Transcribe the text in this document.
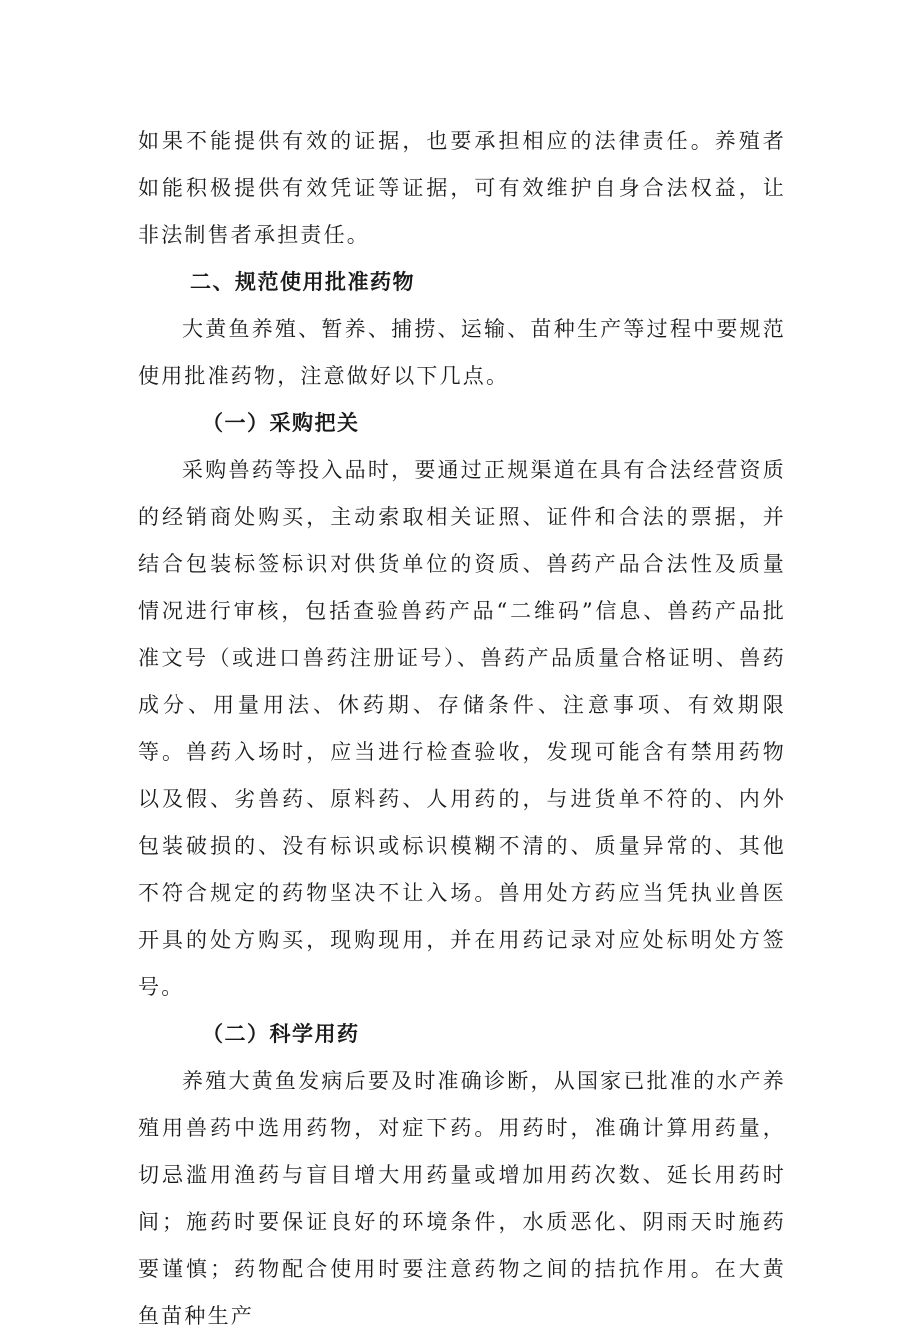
如果不能提供有效的证据，也要承担相应的法律责任。养殖者如能积极提供有效凭证等证据，可有效维护自身合法权益，让非法制售者承担责任。

二、规范使用批准药物

大黄鱼养殖、暂养、捕捞、运输、苗种生产等过程中要规范使用批准药物，注意做好以下几点。

（一）采购把关

采购兽药等投入品时，要通过正规渠道在具有合法经营资质的经销商处购买，主动索取相关证照、证件和合法的票据，并结合包装标签标识对供货单位的资质、兽药产品合法性及质量情况进行审核，包括查验兽药产品“二维码”信息、兽药产品批准文号（或进口兽药注册证号）、兽药产品质量合格证明、兽药成分、用量用法、休药期、存储条件、注意事项、有效期限等。兽药入场时，应当进行检查验收，发现可能含有禁用药物以及假、劣兽药、原料药、人用药的，与进货单不符的、内外包装破损的、没有标识或标识模糊不清的、质量异常的、其他不符合规定的药物坚决不让入场。兽用处方药应当凭执业兽医开具的处方购买，现购现用，并在用药记录对应处标明处方签号。

（二）科学用药

养殖大黄鱼发病后要及时准确诊断，从国家已批准的水产养殖用兽药中选用药物，对症下药。用药时，准确计算用药量，切忌滥用渔药与盲目增大用药量或增加用药次数、延长用药时间；施药时要保证良好的环境条件，水质恶化、阴雨天时施药要谨慎；药物配合使用时要注意药物之间的拮抗作用。在大黄鱼苗种生产
